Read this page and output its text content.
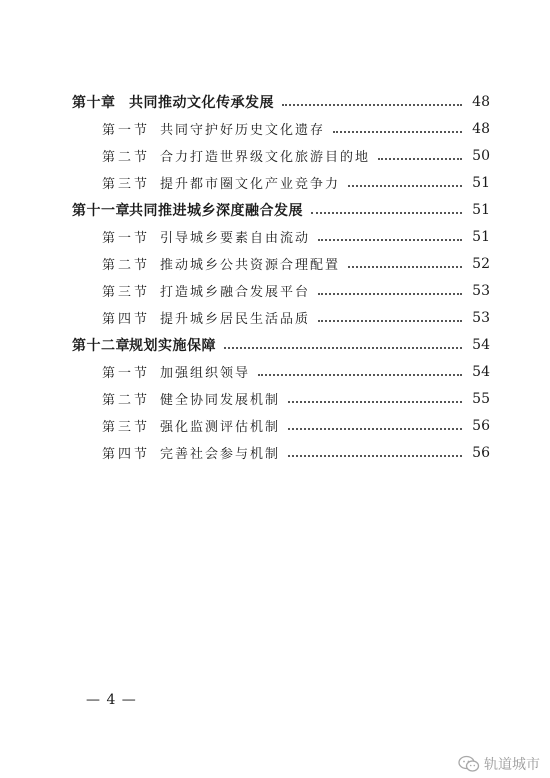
第十章 共同推动文化传承发展	48
第一节 共同守护好历史文化遗存	48
第二节 合力打造世界级文化旅游目的地	50
第三节 提升都市圈文化产业竞争力	51
第十一章 共同推进城乡深度融合发展	51
第一节 引导城乡要素自由流动	51
第二节 推动城乡公共资源合理配置	52
第三节 打造城乡融合发展平台	53
第四节 提升城乡居民生活品质	53
第十二章 规划实施保障	54
第一节 加强组织领导	54
第二节 健全协同发展机制	55
第三节 强化监测评估机制	56
第四节 完善社会参与机制	56
— 4 —
轨道城市
